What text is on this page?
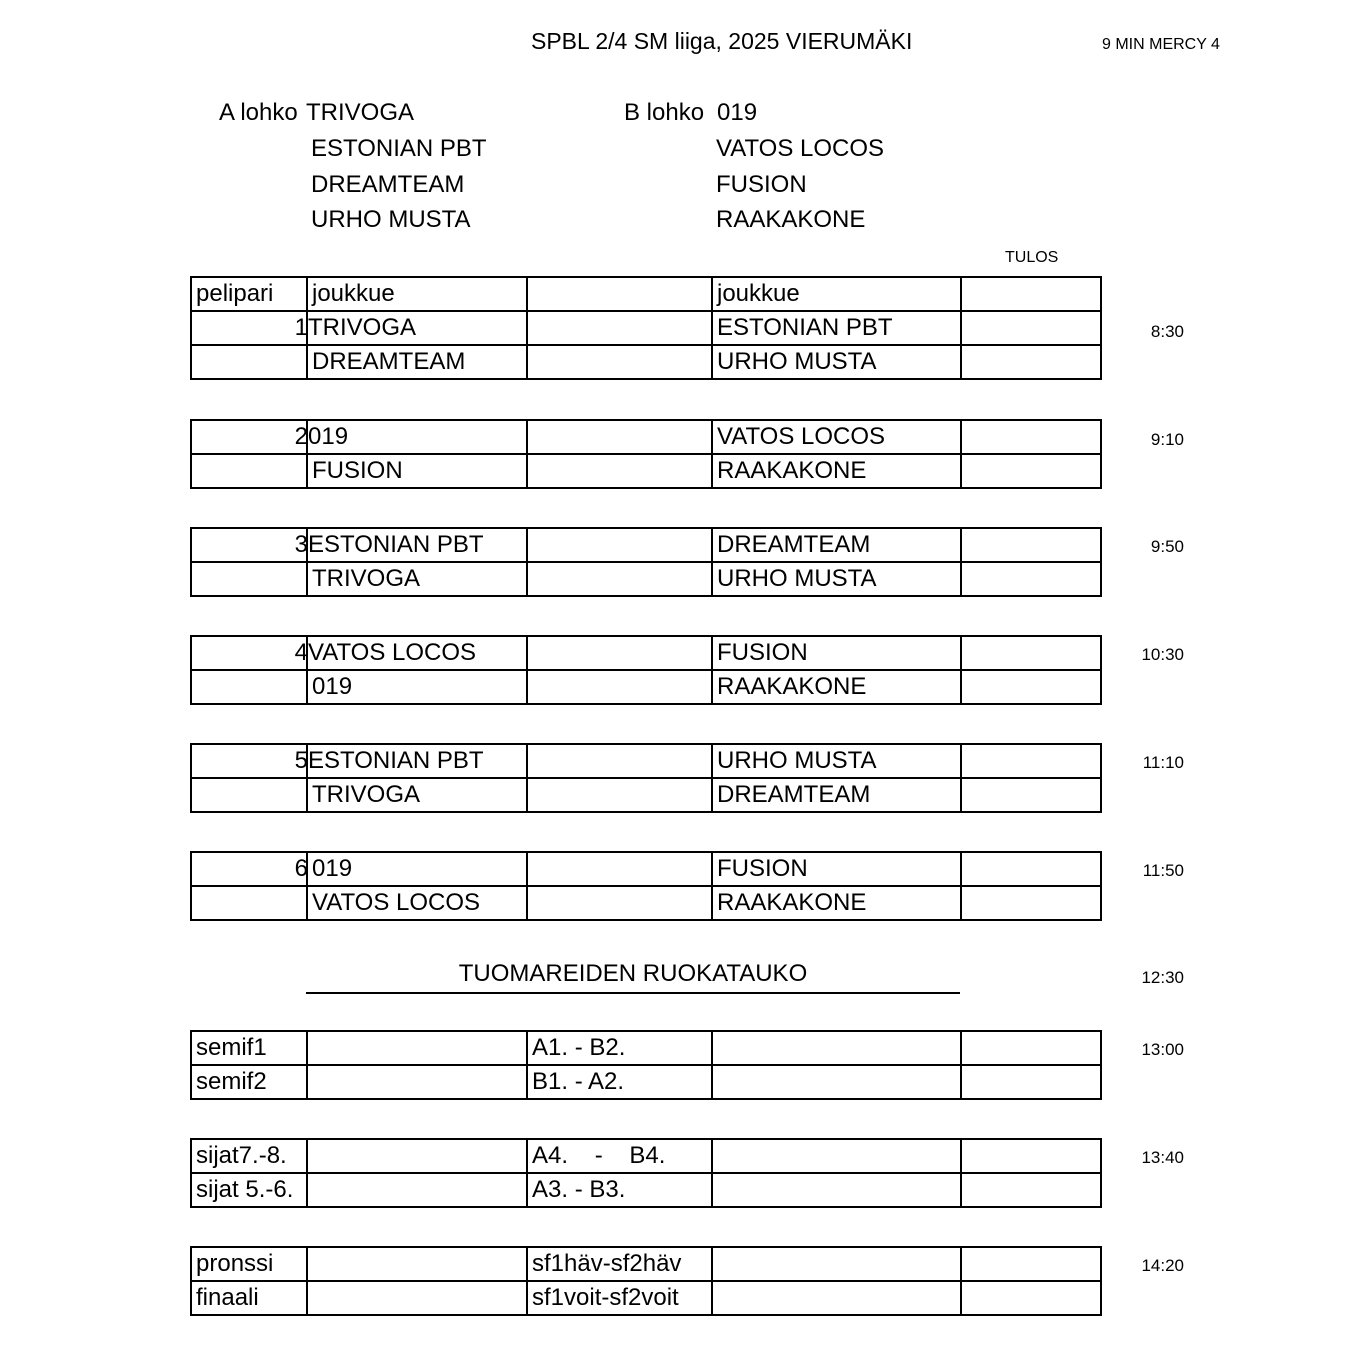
SPBL 2/4 SM liiga, 2025 VIERUMÄKI	9 MIN MERCY 4
A lohko TRIVOGA
ESTONIAN PBT
DREAMTEAM
URHO MUSTA
B lohko 019
VATOS LOCOS
FUSION
RAAKAKONE
TULOS
pelipari	joukkue		joukkue	

1	TRIVOGA		ESTONIAN PBT	
	DREAMTEAM		URHO MUSTA	
8:30
2	019		VATOS LOCOS	
	FUSION		RAAKAKONE	
9:10
3	ESTONIAN PBT		DREAMTEAM	
	TRIVOGA		URHO MUSTA	
9:50
4	VATOS LOCOS		FUSION	
	019		RAAKAKONE	
10:30
5	ESTONIAN PBT		URHO MUSTA	
	TRIVOGA		DREAMTEAM	
11:10
6	019		FUSION	
	VATOS LOCOS		RAAKAKONE	
11:50
TUOMAREIDEN RUOKATAUKO	12:30
semif1		A1. - B2.		
semif2		B1. - A2.		
13:00
sijat7.-8.		A4.    -    B4.		
sijat 5.-6.		A3. - B3.		
13:40
pronssi		sf1häv-sf2häv		
finaali		sf1voit-sf2voit		
14:20
